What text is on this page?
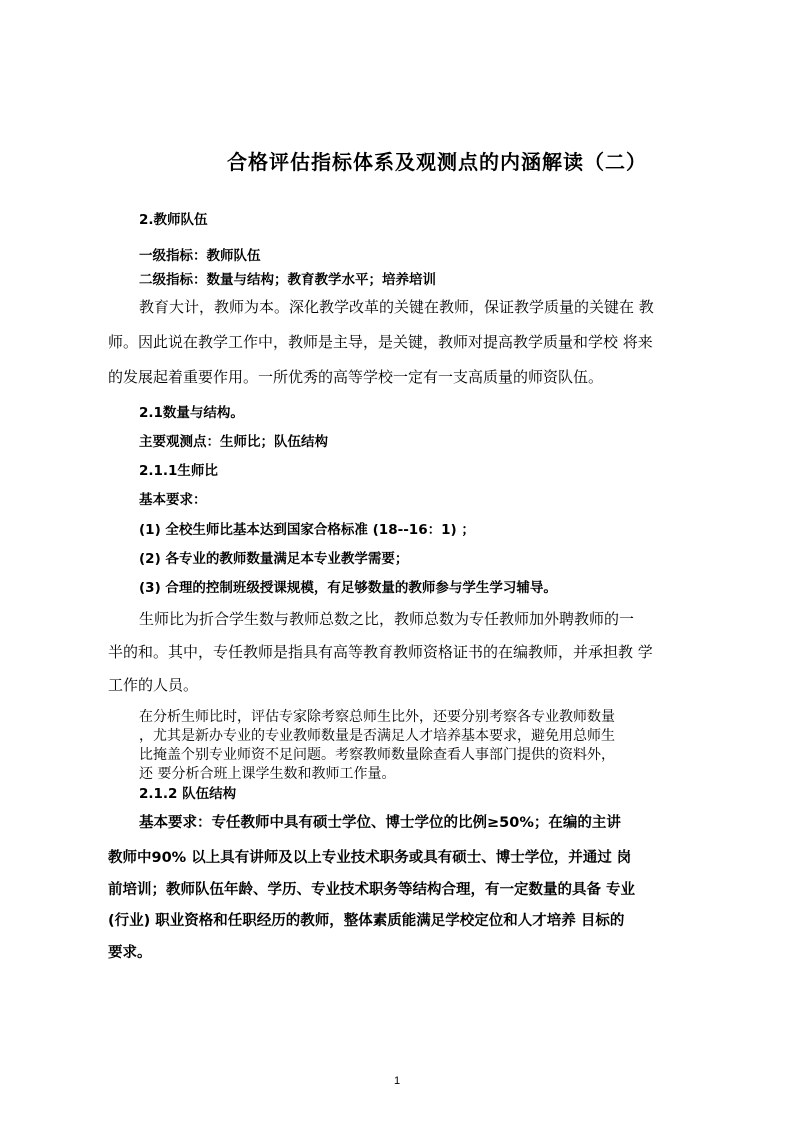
合格评估指标体系及观测点的内涵解读（二）
2.教师队伍
一级指标：教师队伍
二级指标：数量与结构；教育教学水平；培养培训
教育大计，教师为本。深化教学改革的关键在教师，保证教学质量的关键在 教
师。因此说在教学工作中，教师是主导，是关键，教师对提高教学质量和学校 将来
的发展起着重要作用。一所优秀的高等学校一定有一支高质量的师资队伍。
2.1数量与结构。
主要观测点：生师比；队伍结构
2.1.1生师比
基本要求：
(1) 全校生师比基本达到国家合格标准 (18--16：1) ；
(2) 各专业的教师数量满足本专业教学需要；
(3) 合理的控制班级授课规模，有足够数量的教师参与学生学习辅导。
生师比为折合学生数与教师总数之比，教师总数为专任教师加外聘教师的一
半的和。其中，专任教师是指具有高等教育教师资格证书的在编教师，并承担教 学
工作的人员。
在分析生师比时，评估专家除考察总师生比外，还要分别考察各专业教师数量
，尤其是新办专业的专业教师数量是否满足人才培养基本要求，避免用总师生
比掩盖个别专业师资不足问题。考察教师数量除查看人事部门提供的资料外，
还 要分析合班上课学生数和教师工作量。
2.1.2 队伍结构
基本要求：专任教师中具有硕士学位、博士学位的比例≥50%；在编的主讲
教师中90% 以上具有讲师及以上专业技术职务或具有硕士、博士学位，并通过 岗
前培训；教师队伍年龄、学历、专业技术职务等结构合理，有一定数量的具备 专业
(行业) 职业资格和任职经历的教师，整体素质能满足学校定位和人才培养 目标的
要求。
1
